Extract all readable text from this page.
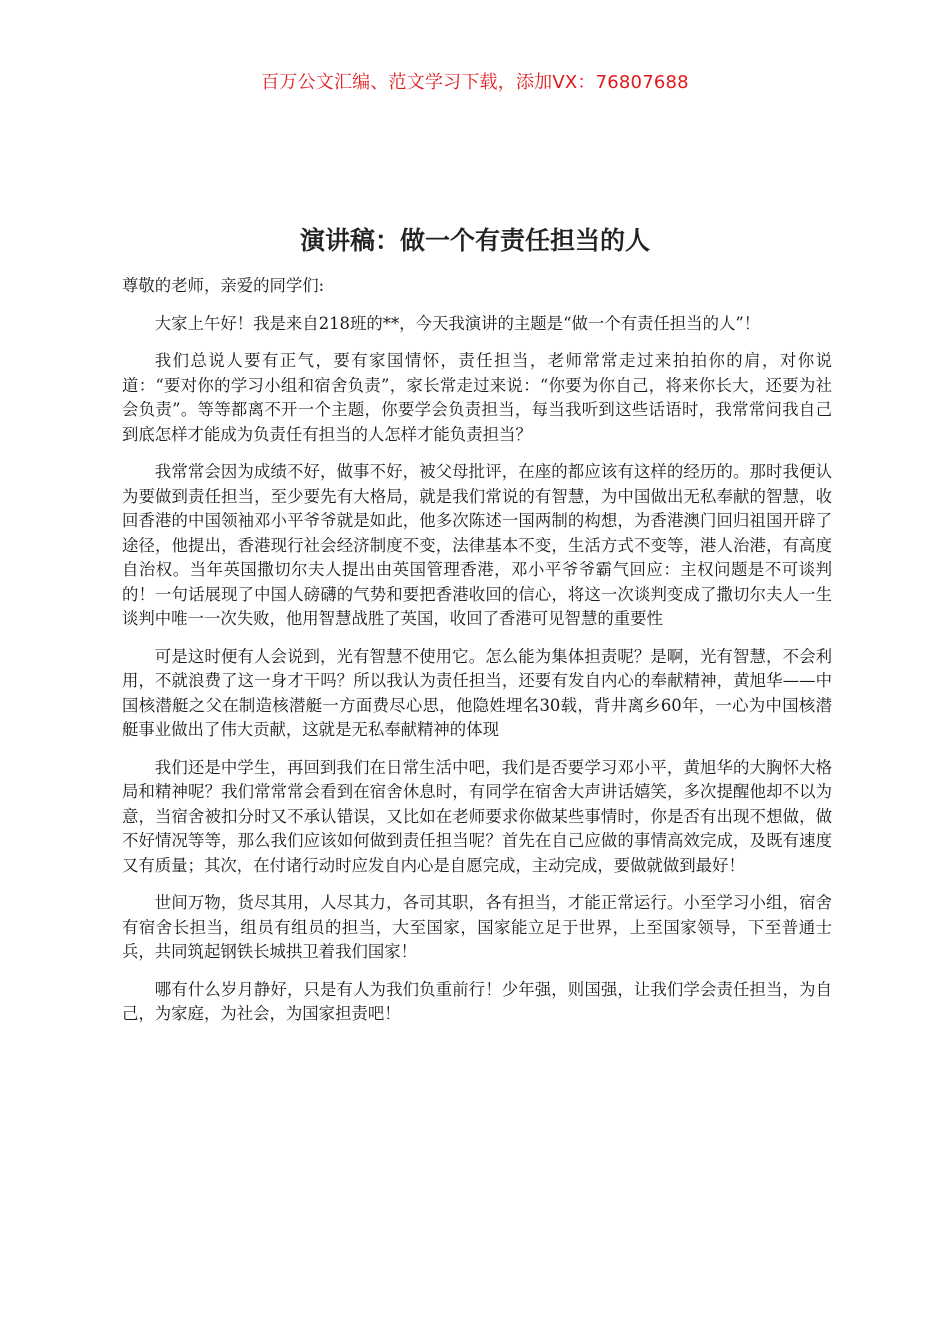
百万公文汇编、范文学习下载，添加VX：76807688
演讲稿：做一个有责任担当的人

尊敬的老师，亲爱的同学们:

大家上午好！我是来自218班的**，今天我演讲的主题是“做一个有责任担当的人”！

我们总说人要有正气，要有家国情怀，责任担当，老师常常走过来拍拍你的肩，对你说道：“要对你的学习小组和宿舍负责”，家长常走过来说：“你要为你自己，将来你长大，还要为社会负责”。等等都离不开一个主题，你要学会负责担当，每当我听到这些话语时，我常常问我自己到底怎样才能成为负责任有担当的人怎样才能负责担当？

我常常会因为成绩不好，做事不好，被父母批评，在座的都应该有这样的经历的。那时我便认为要做到责任担当，至少要先有大格局，就是我们常说的有智慧，为中国做出无私奉献的智慧，收回香港的中国领袖邓小平爷爷就是如此，他多次陈述一国两制的构想，为香港澳门回归祖国开辟了途径，他提出，香港现行社会经济制度不变，法律基本不变，生活方式不变等，港人治港，有高度自治权。当年英国撒切尔夫人提出由英国管理香港，邓小平爷爷霸气回应：主权问题是不可谈判的！一句话展现了中国人磅礴的气势和要把香港收回的信心，将这一次谈判变成了撒切尔夫人一生谈判中唯一一次失败，他用智慧战胜了英国，收回了香港可见智慧的重要性

可是这时便有人会说到，光有智慧不使用它。怎么能为集体担责呢？是啊，光有智慧，不会利用，不就浪费了这一身才干吗？所以我认为责任担当，还要有发自内心的奉献精神，黄旭华——中国核潜艇之父在制造核潜艇一方面费尽心思，他隐姓埋名30载，背井离乡60年，一心为中国核潜艇事业做出了伟大贡献，这就是无私奉献精神的体现

我们还是中学生，再回到我们在日常生活中吧，我们是否要学习邓小平，黄旭华的大胸怀大格局和精神呢？我们常常常会看到在宿舍休息时，有同学在宿舍大声讲话嬉笑，多次提醒他却不以为意，当宿舍被扣分时又不承认错误，又比如在老师要求你做某些事情时，你是否有出现不想做，做不好情况等等，那么我们应该如何做到责任担当呢？首先在自己应做的事情高效完成，及既有速度又有质量；其次，在付诸行动时应发自内心是自愿完成，主动完成，要做就做到最好！

世间万物，货尽其用，人尽其力，各司其职，各有担当，才能正常运行。小至学习小组，宿舍有宿舍长担当，组员有组员的担当，大至国家，国家能立足于世界，上至国家领导，下至普通士兵，共同筑起钢铁长城拱卫着我们国家！

哪有什么岁月静好，只是有人为我们负重前行！少年强，则国强，让我们学会责任担当，为自己，为家庭，为社会，为国家担责吧！
